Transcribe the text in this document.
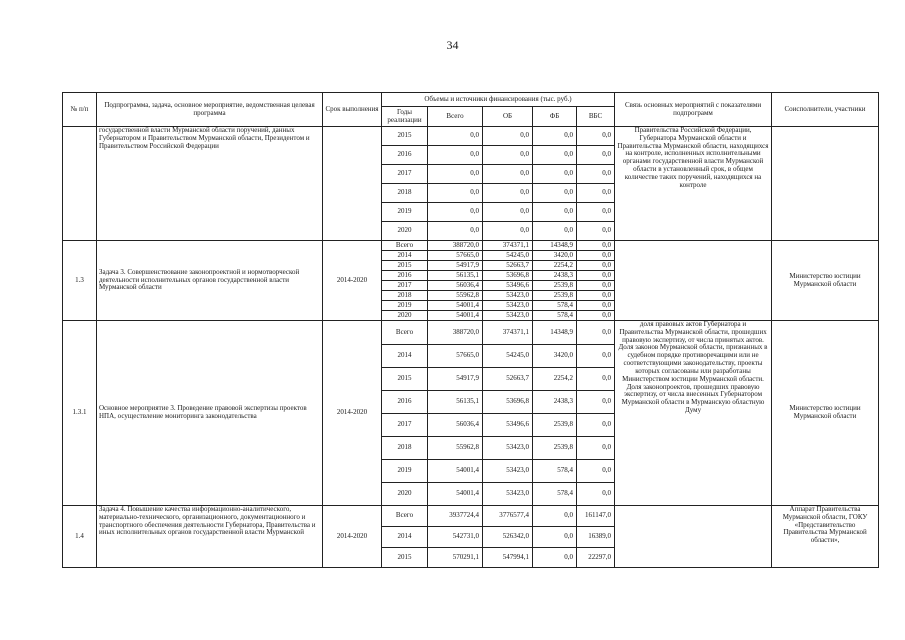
34
№ п/п	Подпрограмма, задача, основное мероприятие, ведомственная целевая программа	Срок выполнения	Объемы и источники финансирования (тыс. руб.)					Связь основных мероприятий с показателями подпрограмм	Соисполнители, участники
			Годы реализации	Всего	ОБ	ФБ	ВБС		
	государственной власти Мурманской области поручений, данных Губернатором и Правительством Мурманской области, Президентом и Правительством Российской Федерации		2015	0,0	0,0	0,0	0,0	Правительства Российской Федерации, Губернатора Мурманской области и Правительства Мурманской области, находящихся на контроле, исполненных исполнительными органами государственной власти Мурманской области в установленный срок, в общем количестве таких поручений, находящихся на контроле	
			2016	0,0	0,0	0,0	0,0		
			2017	0,0	0,0	0,0	0,0		
			2018	0,0	0,0	0,0	0,0		
			2019	0,0	0,0	0,0	0,0		
			2020	0,0	0,0	0,0	0,0		
1.3	Задача 3. Совершенствование законопроектной и нормотворческой деятельности исполнительных органов государственной власти Мурманской области	2014-2020	Всего	388720,0	374371,1	14348,9	0,0		Министерство юстиции Мурманской области
			2014	57665,0	54245,0	3420,0	0,0		
			2015	54917,9	52663,7	2254,2	0,0		
			2016	56135,1	53696,8	2438,3	0,0		
			2017	56036,4	53496,6	2539,8	0,0		
			2018	55962,8	53423,0	2539,8	0,0		
			2019	54001,4	53423,0	578,4	0,0		
			2020	54001,4	53423,0	578,4	0,0		
1.3.1	Основное мероприятие 3. Проведение правовой экспертизы проектов НПА, осуществление мониторинга законодательства	2014-2020	Всего	388720,0	374371,1	14348,9	0,0	доля правовых актов Губернатора и Правительства Мурманской области, прошедших правовую экспертизу, от числа принятых актов. Доля законов Мурманской области, признанных в судебном порядке противоречащими или не соответствующими законодательству, проекты которых согласованы или разработаны Министерством юстиции Мурманской области. Доля законопроектов, прошедших правовую экспертизу, от числа внесенных Губернатором Мурманской области в Мурманскую областную Думу	Министерство юстиции Мурманской области
			2014	57665,0	54245,0	3420,0	0,0		
			2015	54917,9	52663,7	2254,2	0,0		
			2016	56135,1	53696,8	2438,3	0,0		
			2017	56036,4	53496,6	2539,8	0,0		
			2018	55962,8	53423,0	2539,8	0,0		
			2019	54001,4	53423,0	578,4	0,0		
			2020	54001,4	53423,0	578,4	0,0		
1.4	Задача 4. Повышение качества информационно-аналитического, материально-технического, организационного, документационного и транспортного обеспечения деятельности Губернатора, Правительства и иных исполнительных органов государственной власти Мурманской	2014-2020	Всего	3937724,4	3776577,4	0,0	161147,0		Аппарат Правительства Мурманской области, ГОКУ «Представительство Правительства Мурманской области»,
			2014	542731,0	526342,0	0,0	16389,0		
			2015	570291,1	547994,1	0,0	22297,0		
